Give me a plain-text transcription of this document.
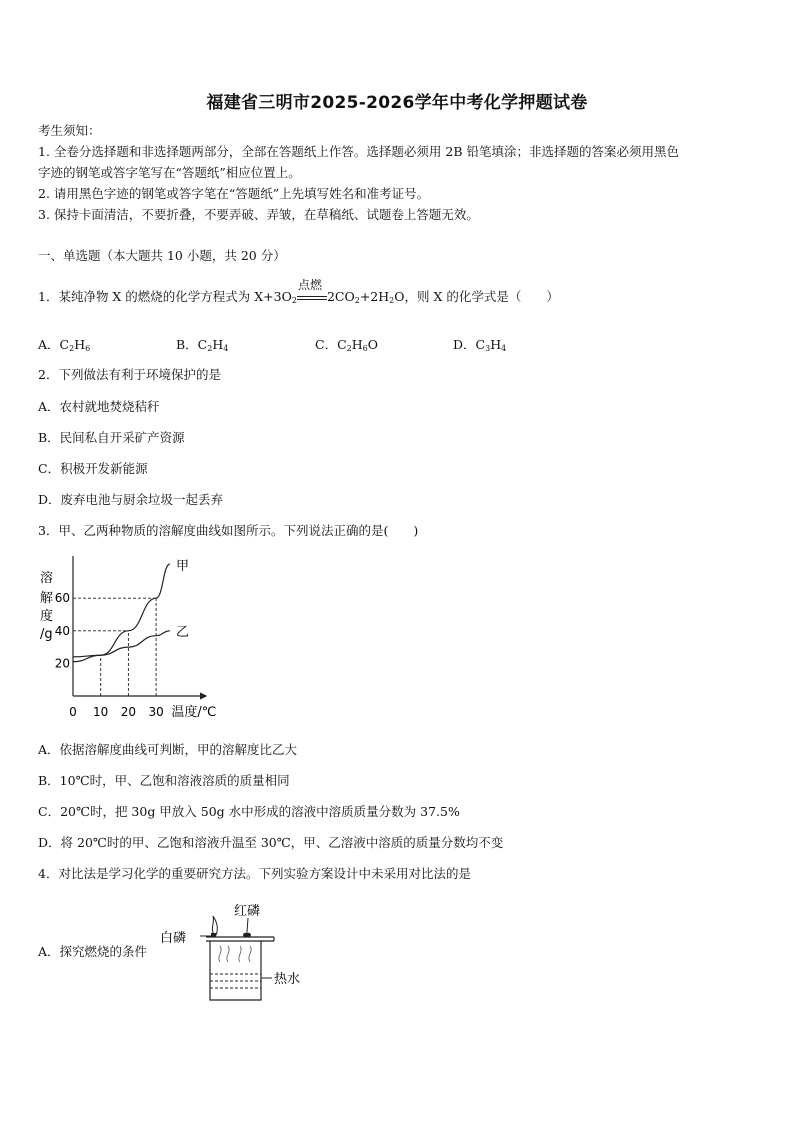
福建省三明市2025-2026学年中考化学押题试卷
考生须知：
1. 全卷分选择题和非选择题两部分，全部在答题纸上作答。选择题必须用 2B 铅笔填涂；非选择题的答案必须用黑色
字迹的钢笔或答字笔写在“答题纸”相应位置上。
2. 请用黑色字迹的钢笔或答字笔在“答题纸”上先填写姓名和准考证号。
3. 保持卡面清洁，不要折叠，不要弄破、弄皱，在草稿纸、试题卷上答题无效。
一、单选题（本大题共 10 小题，共 20 分）
1．某纯净物 X 的燃烧的化学方程式为 $X+3O_2$
点燃
$2CO_2+2H_2O$，则 X 的化学式是（　　）
A．$C_2H_6$	B．$C_2H_4$	C．$C_2H_6O$	D．$C_3H_4$
2．下列做法有利于环境保护的是
A．农村就地焚烧秸秆
B．民间私自开采矿产资源
C．积极开发新能源
D．废弃电池与厨余垃圾一起丢弃
3．甲、乙两种物质的溶解度曲线如图所示。下列说法正确的是(　　)
溶
解
度
/g
20
40
60
0 10 20 30 温度/℃
甲
乙
A．依据溶解度曲线可判断，甲的溶解度比乙大
B．10℃时，甲、乙饱和溶液溶质的质量相同
C．20℃时，把 30g 甲放入 50g 水中形成的溶液中溶质质量分数为 37.5%
D．将 20℃时的甲、乙饱和溶液升温至 30℃，甲、乙溶液中溶质的质量分数均不变
4．对比法是学习化学的重要研究方法。下列实验方案设计中未采用对比法的是
A．探究燃烧的条件
白磷
红磷
热水
